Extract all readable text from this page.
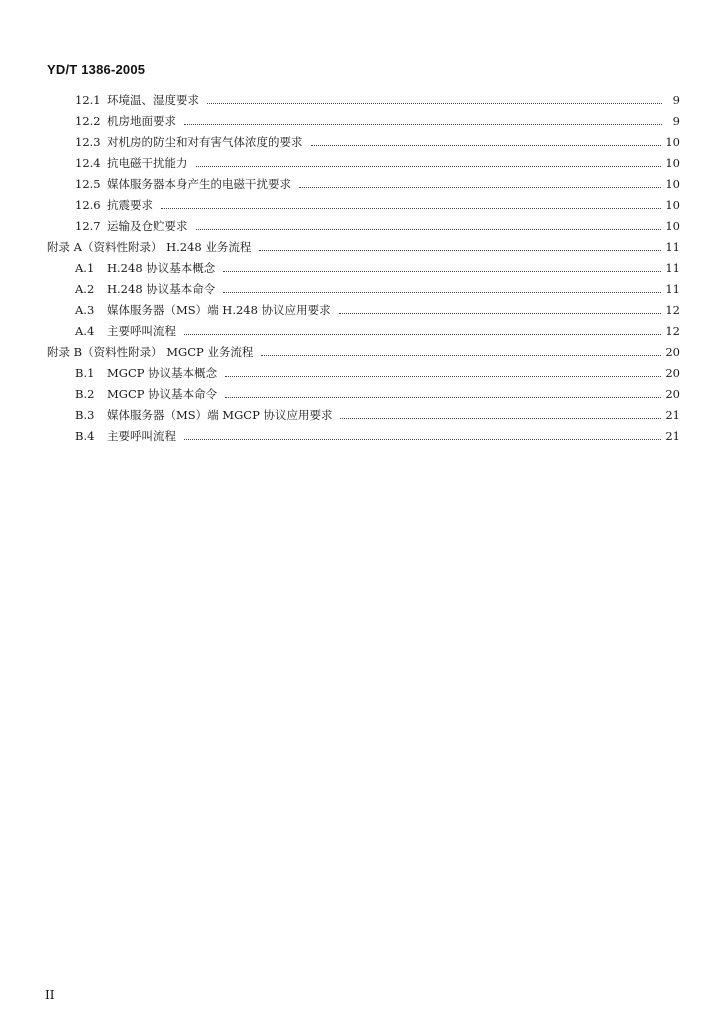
YD/T 1386-2005
12.1 环境温、湿度要求	9
12.2 机房地面要求	9
12.3 对机房的防尘和对有害气体浓度的要求	10
12.4 抗电磁干扰能力	10
12.5 媒体服务器本身产生的电磁干扰要求	10
12.6 抗震要求	10
12.7 运输及仓贮要求	10
附录 A（资料性附录） H.248 业务流程	11
A.1	H.248 协议基本概念	11
A.2	H.248 协议基本命令	11
A.3	媒体服务器（MS）端 H.248 协议应用要求	12
A.4	主要呼叫流程	12
附录 B（资料性附录） MGCP 业务流程	20
B.1	MGCP 协议基本概念	20
B.2	MGCP 协议基本命令	20
B.3	媒体服务器（MS）端 MGCP 协议应用要求	21
B.4	主要呼叫流程	21
II
